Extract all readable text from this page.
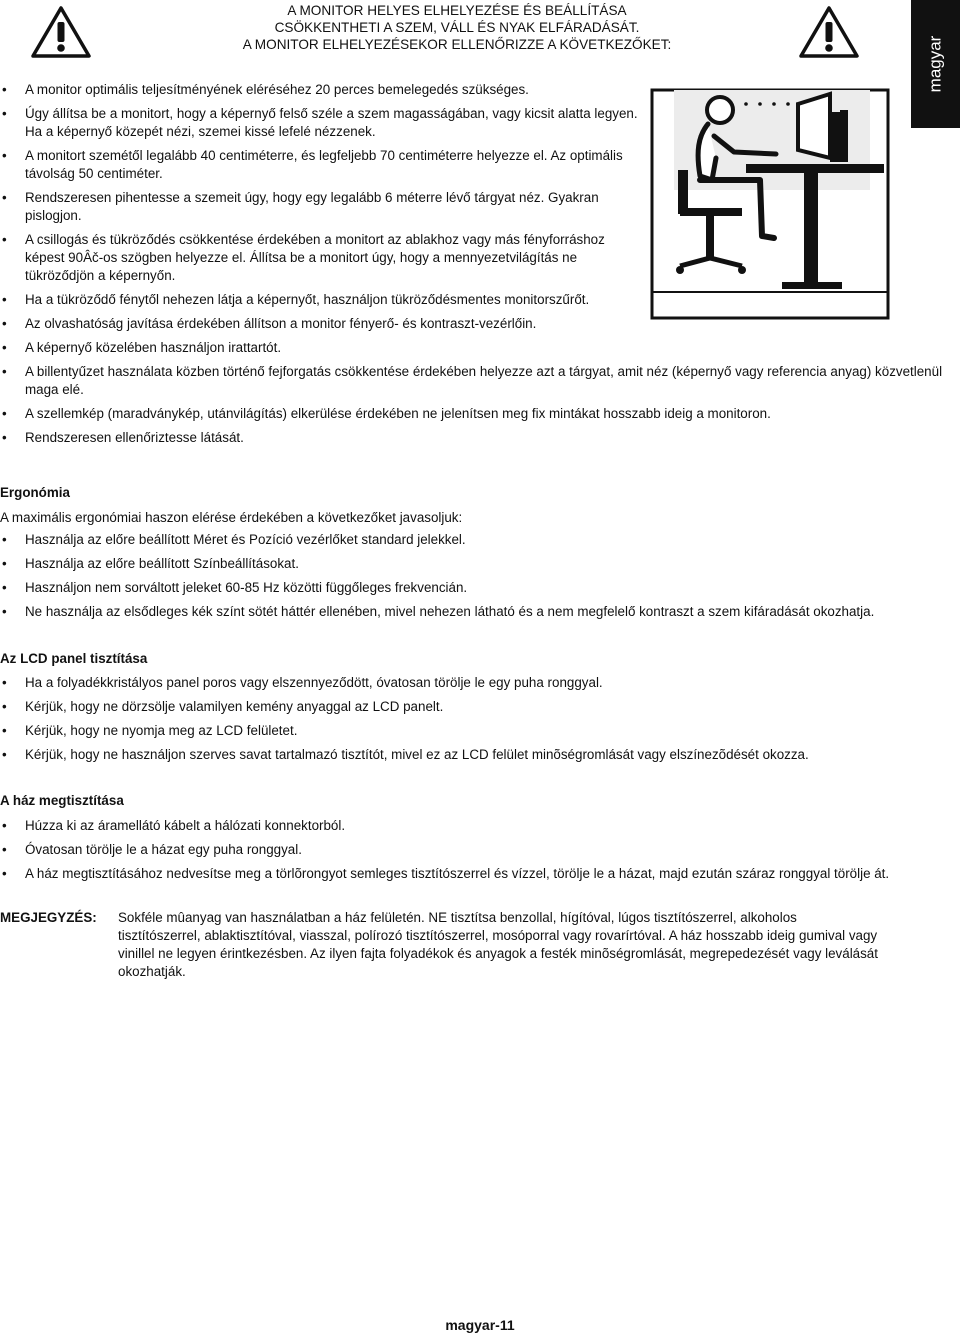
A MONITOR HELYES ELHELYEZÉSE ÉS BEÁLLÍTÁSA
CSÖKKENTHETI A SZEM, VÁLL ÉS NYAK ELFÁRADÁSÁT.
A MONITOR ELHELYEZÉSEKOR ELLENŐRIZZE A KÖVETKEZŐKET:	magyar
• A monitor optimális teljesítményének eléréséhez 20 perces bemelegedés szükséges.
• Úgy állítsa be a monitort, hogy a képernyő felső széle a szem magasságában, vagy kicsit alatta legyen. Ha a képernyő közepét nézi, szemei kissé lefelé nézzenek.
• A monitort szemétől legalább 40 centiméterre, és legfeljebb 70 centiméterre helyezze el. Az optimális távolság 50 centiméter.
• Rendszeresen pihentesse a szemeit úgy, hogy egy legalább 6 méterre lévő tárgyat néz. Gyakran pislogjon.
• A csillogás és tükröződés csökkentése érdekében a monitort az ablakhoz vagy más fényforráshoz képest 90Âč-os szögben helyezze el. Állítsa be a monitort úgy, hogy a mennyezetvilágítás ne tükröződjön a képernyőn.
• Ha a tükröződő fénytől nehezen látja a képernyőt, használjon tükröződésmentes monitorszűrőt.
• Az olvashatóság javítása érdekében állítson a monitor fényerő- és kontraszt-vezérlőin.
• A képernyő közelében használjon irattartót.
• A billentyűzet használata közben történő fejforgatás csökkentése érdekében helyezze azt a tárgyat, amit néz (képernyő vagy referencia anyag) közvetlenül maga elé.
• A szellemkép (maradványkép, utánvilágítás) elkerülése érdekében ne jelenítsen meg fix mintákat hosszabb ideig a monitoron.
• Rendszeresen ellenőriztesse látását.
Ergonómia

A maximális ergonómiai haszon elérése érdekében a következőket javasoljuk:

• Használja az előre beállított Méret és Pozíció vezérlőket standard jelekkel.
• Használja az előre beállított Színbeállításokat.
• Használjon nem sorváltott jeleket 60-85 Hz közötti függőleges frekvencián.
• Ne használja az elsődleges kék színt sötét háttér ellenében, mivel nehezen látható és a nem megfelelő kontraszt a szem kifáradását okozhatja.
Az LCD panel tisztítása
• Ha a folyadékkristályos panel poros vagy elszennyeződött, óvatosan törölje le egy puha ronggyal.
• Kérjük, hogy ne dörzsölje valamilyen kemény anyaggal az LCD panelt.
• Kérjük, hogy ne nyomja meg az LCD felületet.
• Kérjük, hogy ne használjon szerves savat tartalmazó tisztítót, mivel ez az LCD felület minõségromlását vagy elszínezõdését okozza.
A ház megtisztítása
• Húzza ki az áramellátó kábelt a hálózati konnektorból.
• Óvatosan törölje le a házat egy puha ronggyal.
• A ház megtisztításához nedvesítse meg a törlõrongyot semleges tisztítószerrel és vízzel, törölje le a házat, majd ezután száraz ronggyal törölje át.
MEGJEGYZÉS: Sokféle mûanyag van használatban a ház felületén. NE tisztítsa benzollal, hígítóval, lúgos tisztítószerrel, alkoholos tisztítószerrel, ablaktisztítóval, viasszal, polírozó tisztítószerrel, mosóporral vagy rovarírtóval. A ház hosszabb ideig gumival vagy vinillel ne legyen érintkezésben. Az ilyen fajta folyadékok és anyagok a festék minõségromlását, megrepedezését vagy leválását okozhatják.
magyar-11
